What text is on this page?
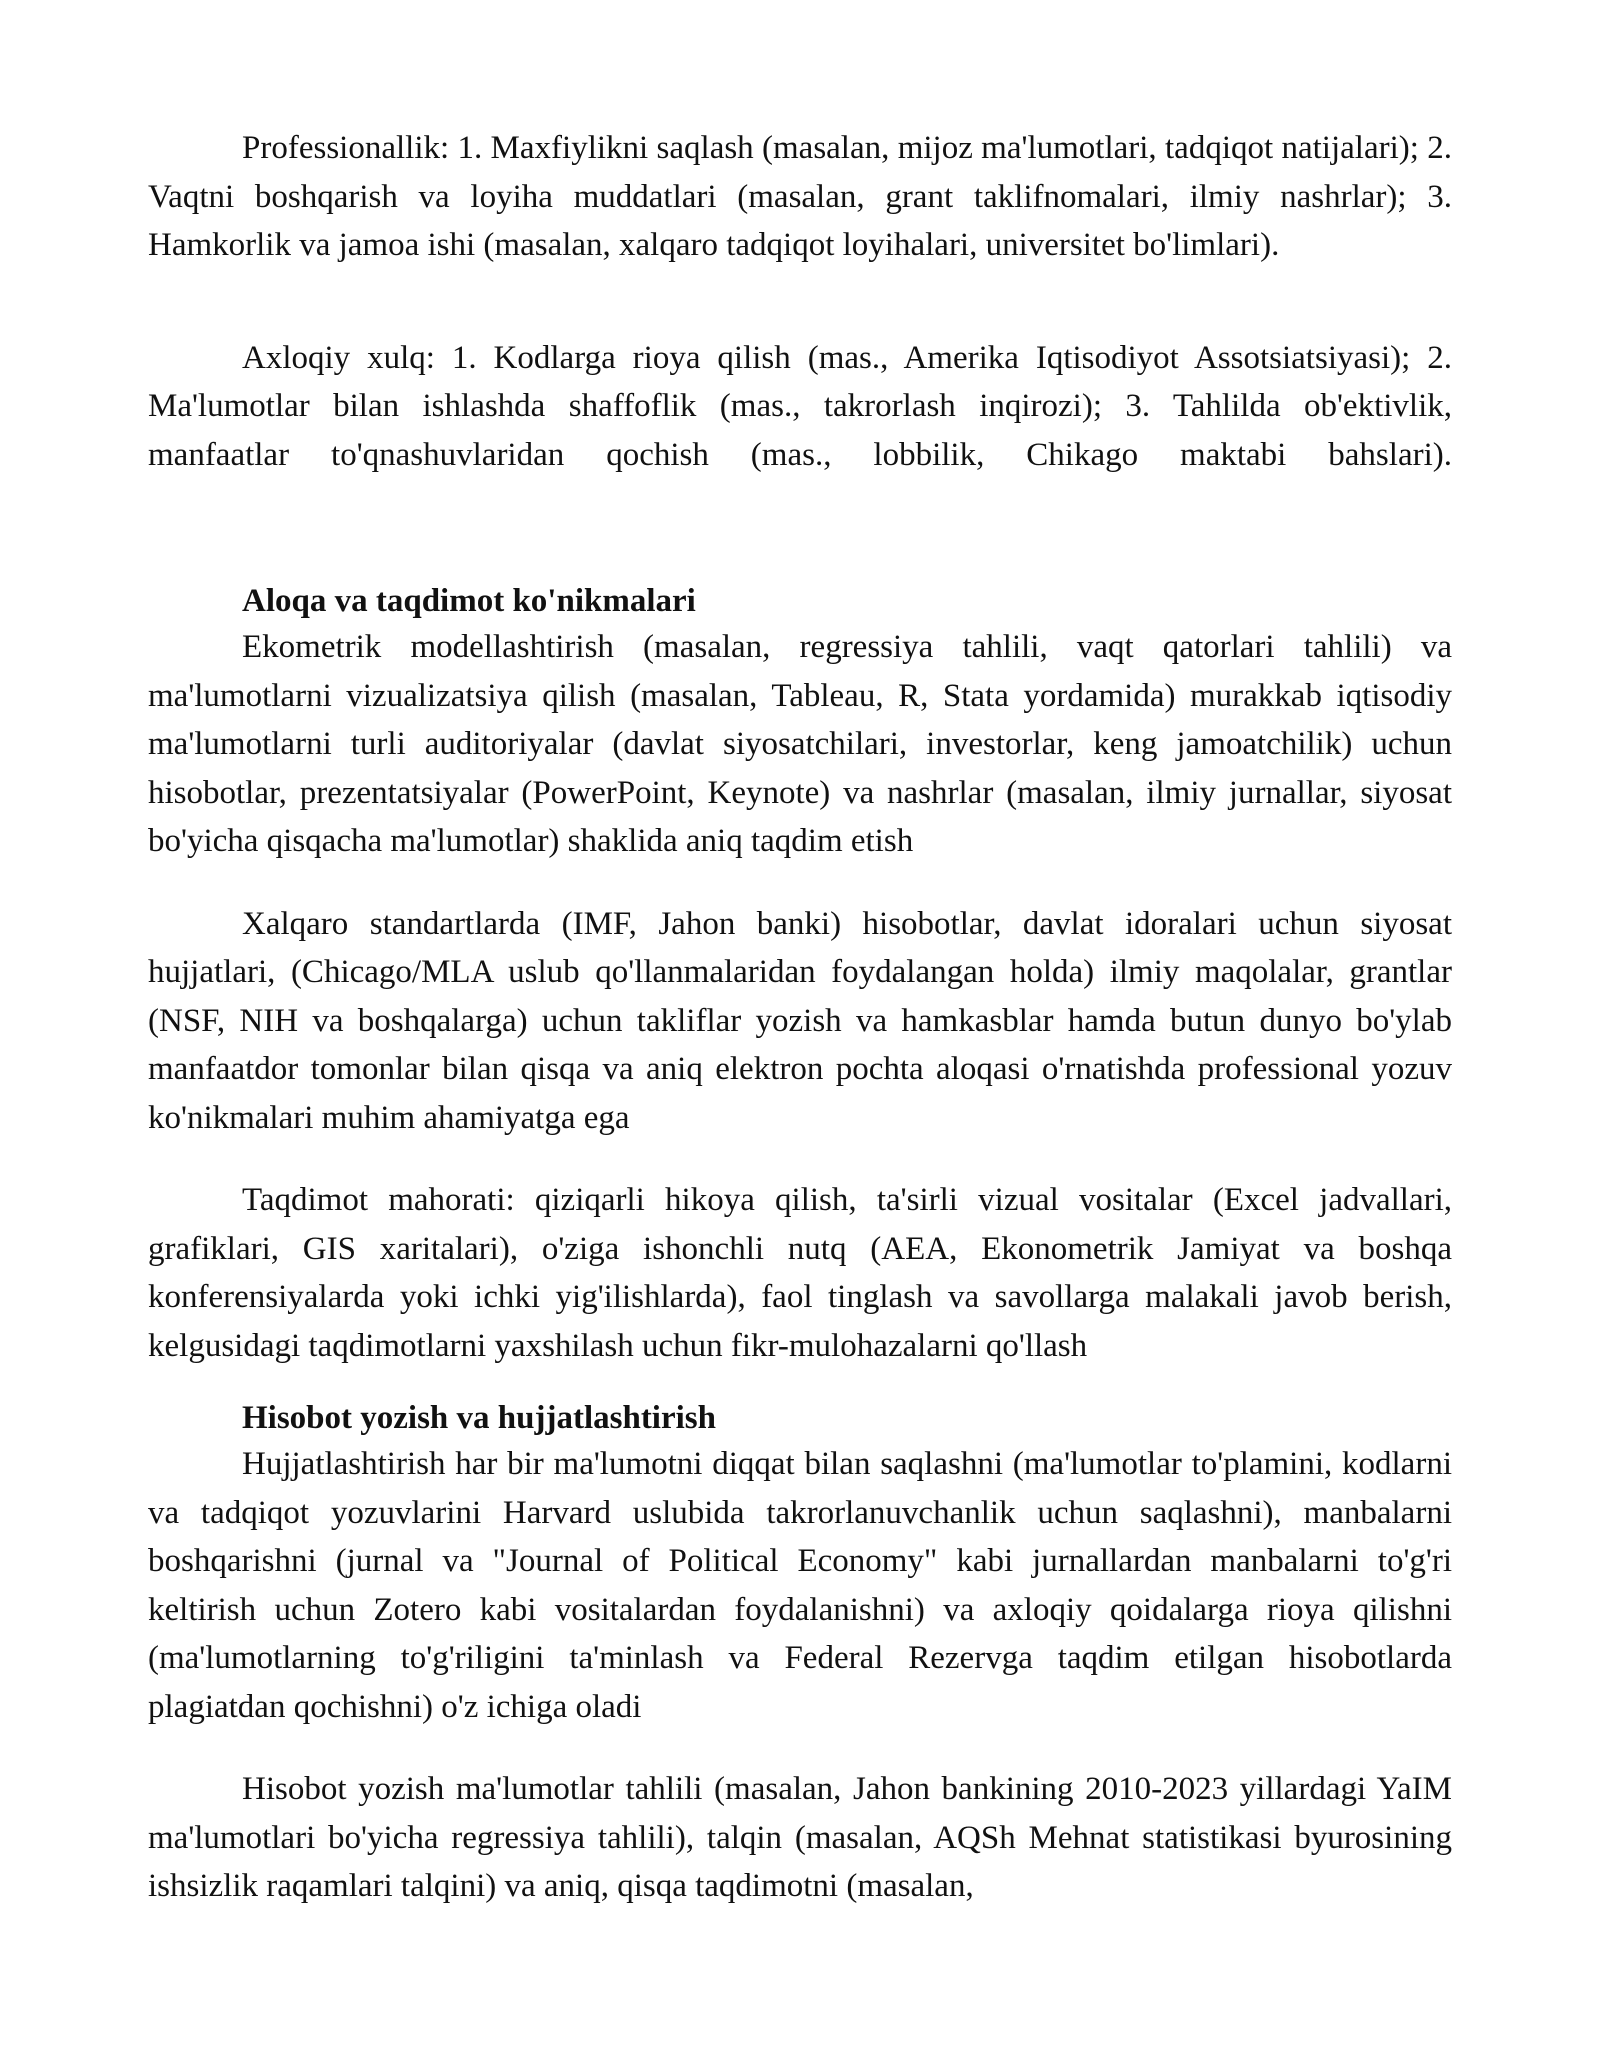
Professionallik: 1. Maxfiylikni saqlash (masalan, mijoz ma'lumotlari, tadqiqot natijalari); 2. Vaqtni boshqarish va loyiha muddatlari (masalan, grant taklifnomalari, ilmiy nashrlar); 3. Hamkorlik va jamoa ishi (masalan, xalqaro tadqiqot loyihalari, universitet bo'limlari).

Axloqiy xulq: 1. Kodlarga rioya qilish (mas., Amerika Iqtisodiyot Assotsiatsiyasi); 2. Ma'lumotlar bilan ishlashda shaffoflik (mas., takrorlash inqirozi); 3. Tahlilda ob'ektivlik, manfaatlar to'qnashuvlaridan qochish (mas., lobbilik, Chikago maktabi bahslari).

Aloqa va taqdimot ko'nikmalari

Ekometrik modellashtirish (masalan, regressiya tahlili, vaqt qatorlari tahlili) va ma'lumotlarni vizualizatsiya qilish (masalan, Tableau, R, Stata yordamida) murakkab iqtisodiy ma'lumotlarni turli auditoriyalar (davlat siyosatchilari, investorlar, keng jamoatchilik) uchun hisobotlar, prezentatsiyalar (PowerPoint, Keynote) va nashrlar (masalan, ilmiy jurnallar, siyosat bo'yicha qisqacha ma'lumotlar) shaklida aniq taqdim etish

Xalqaro standartlarda (IMF, Jahon banki) hisobotlar, davlat idoralari uchun siyosat hujjatlari, (Chicago/MLA uslub qo'llanmalaridan foydalangan holda) ilmiy maqolalar, grantlar (NSF, NIH va boshqalarga) uchun takliflar yozish va hamkasblar hamda butun dunyo bo'ylab manfaatdor tomonlar bilan qisqa va aniq elektron pochta aloqasi o'rnatishda professional yozuv ko'nikmalari muhim ahamiyatga ega

Taqdimot mahorati: qiziqarli hikoya qilish, ta'sirli vizual vositalar (Excel jadvallari, grafiklari, GIS xaritalari), o'ziga ishonchli nutq (AEA, Ekonometrik Jamiyat va boshqa konferensiyalarda yoki ichki yig'ilishlarda), faol tinglash va savollarga malakali javob berish, kelgusidagi taqdimotlarni yaxshilash uchun fikr-mulohazalarni qo'llash

Hisobot yozish va hujjatlashtirish

Hujjatlashtirish har bir ma'lumotni diqqat bilan saqlashni (ma'lumotlar to'plamini, kodlarni va tadqiqot yozuvlarini Harvard uslubida takrorlanuvchanlik uchun saqlashni), manbalarni boshqarishni (jurnal va "Journal of Political Economy" kabi jurnallardan manbalarni to'g'ri keltirish uchun Zotero kabi vositalardan foydalanishni) va axloqiy qoidalarga rioya qilishni (ma'lumotlarning to'g'riligini ta'minlash va Federal Rezervga taqdim etilgan hisobotlarda plagiatdan qochishni) o'z ichiga oladi

Hisobot yozish ma'lumotlar tahlili (masalan, Jahon bankining 2010-2023 yillardagi YaIM ma'lumotlari bo'yicha regressiya tahlili), talqin (masalan, AQSh Mehnat statistikasi byurosining ishsizlik raqamlari talqini) va aniq, qisqa taqdimotni (masalan,
